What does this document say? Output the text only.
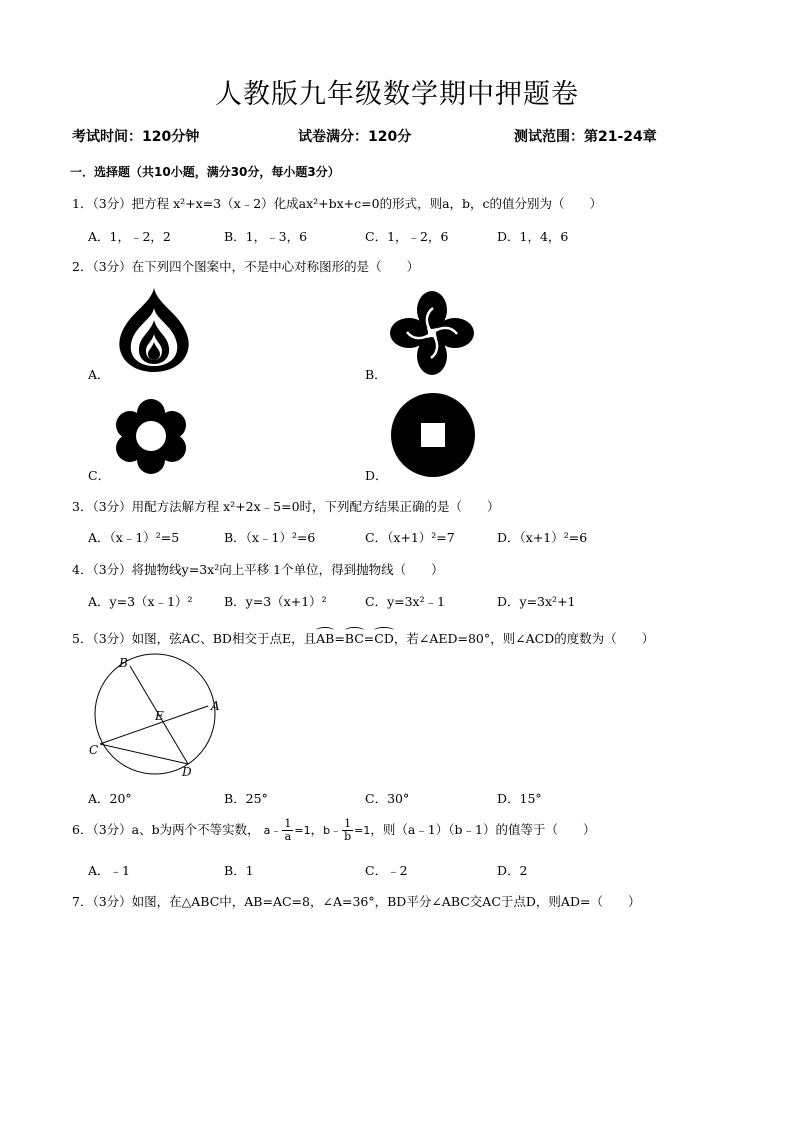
人教版九年级数学期中押题卷
考试时间：120分钟	试卷满分：120分	测试范围：第21-24章
一．选择题（共10小题，满分30分，每小题3分）
1．（3分）把方程 x²+x=3（x﹣2）化成ax²+bx+c=0的形式，则a，b，c的值分别为（　　）
A．1，﹣2，2	B．1，﹣3，6	C．1，﹣2，6	D．1，4，6
2．（3分）在下列四个图案中，不是中心对称图形的是（　　）
A．	B．
C．	D．
3．（3分）用配方法解方程 x²+2x﹣5=0时，下列配方结果正确的是（　　）
A．（x﹣1）²=5	B．（x﹣1）²=6	C．（x+1）²=7	D．（x+1）²=6
4．（3分）将抛物线y=3x²向上平移 1个单位，得到抛物线（　　）
A．y=3（x﹣1）²	B．y=3（x+1）²	C．y=3x²﹣1	D．y=3x²+1
5．（3分）如图，弦AC、BD相交于点E，且AB=BC=CD，若∠AED=80°，则∠ACD的度数为（　　）
B
A
E
C
D
A．20°	B．25°	C．30°	D．15°
6．（3分）a、b为两个不等实数， a﹣ $\frac{1}{a} =1$，b﹣ $\frac{1}{b} =1$，则（a﹣1）（b﹣1）的值等于（　　）
A．﹣1	B．1	C．﹣2	D．2
7．（3分）如图，在△ABC中，AB=AC=8，∠A=36°，BD平分∠ABC交AC于点D，则AD=（　　）
